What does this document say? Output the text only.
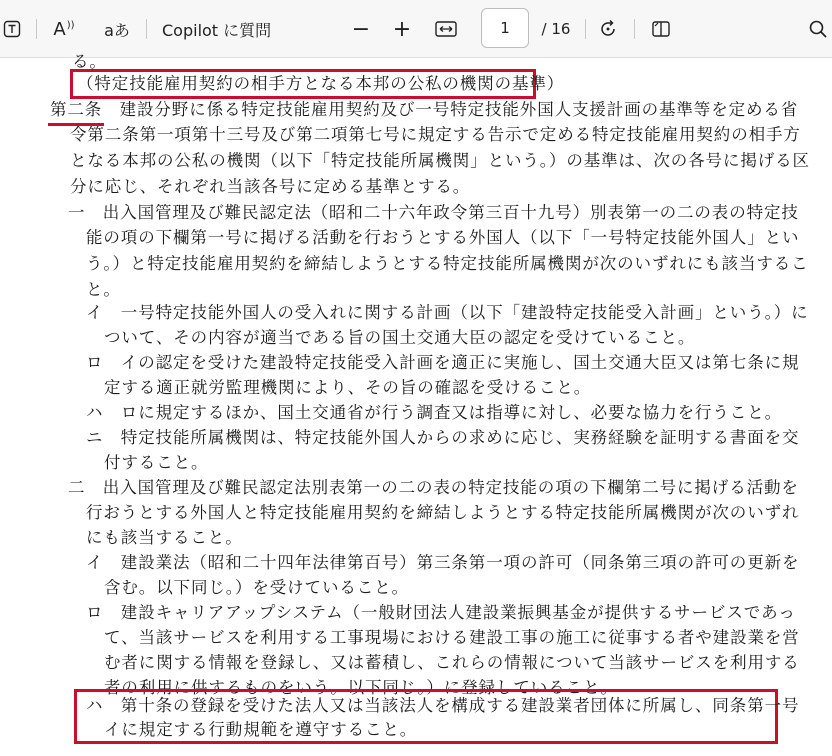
A )) aあ Copilot に質問	− +	1 / 16
る。
（特定技能雇用契約の相手方となる本邦の公私の機関の基準）
第二条　建設分野に係る特定技能雇用契約及び一号特定技能外国人支援計画の基準等を定める省
令第二条第一項第十三号及び第二項第七号に規定する告示で定める特定技能雇用契約の相手方
となる本邦の公私の機関（以下「特定技能所属機関」という。）の基準は、次の各号に掲げる区
分に応じ、それぞれ当該各号に定める基準とする。
一　出入国管理及び難民認定法（昭和二十六年政令第三百十九号）別表第一の二の表の特定技
能の項の下欄第一号に掲げる活動を行おうとする外国人（以下「一号特定技能外国人」とい
う。）と特定技能雇用契約を締結しようとする特定技能所属機関が次のいずれにも該当するこ
と。
イ　一号特定技能外国人の受入れに関する計画（以下「建設特定技能受入計画」という。）に
ついて、その内容が適当である旨の国土交通大臣の認定を受けていること。
ロ　イの認定を受けた建設特定技能受入計画を適正に実施し、国土交通大臣又は第七条に規
定する適正就労監理機関により、その旨の確認を受けること。
ハ　ロに規定するほか、国土交通省が行う調査又は指導に対し、必要な協力を行うこと。
ニ　特定技能所属機関は、特定技能外国人からの求めに応じ、実務経験を証明する書面を交
付すること。
二　出入国管理及び難民認定法別表第一の二の表の特定技能の項の下欄第二号に掲げる活動を
行おうとする外国人と特定技能雇用契約を締結しようとする特定技能所属機関が次のいずれ
にも該当すること。
イ　建設業法（昭和二十四年法律第百号）第三条第一項の許可（同条第三項の許可の更新を
含む。以下同じ。）を受けていること。
ロ　建設キャリアアップシステム（一般財団法人建設業振興基金が提供するサービスであっ
て、当該サービスを利用する工事現場における建設工事の施工に従事する者や建設業を営
む者に関する情報を登録し、又は蓄積し、これらの情報について当該サービスを利用する
者の利用に供するものをいう。以下同じ。）に登録していること。
ハ　第十条の登録を受けた法人又は当該法人を構成する建設業者団体に所属し、同条第一号
イに規定する行動規範を遵守すること。
